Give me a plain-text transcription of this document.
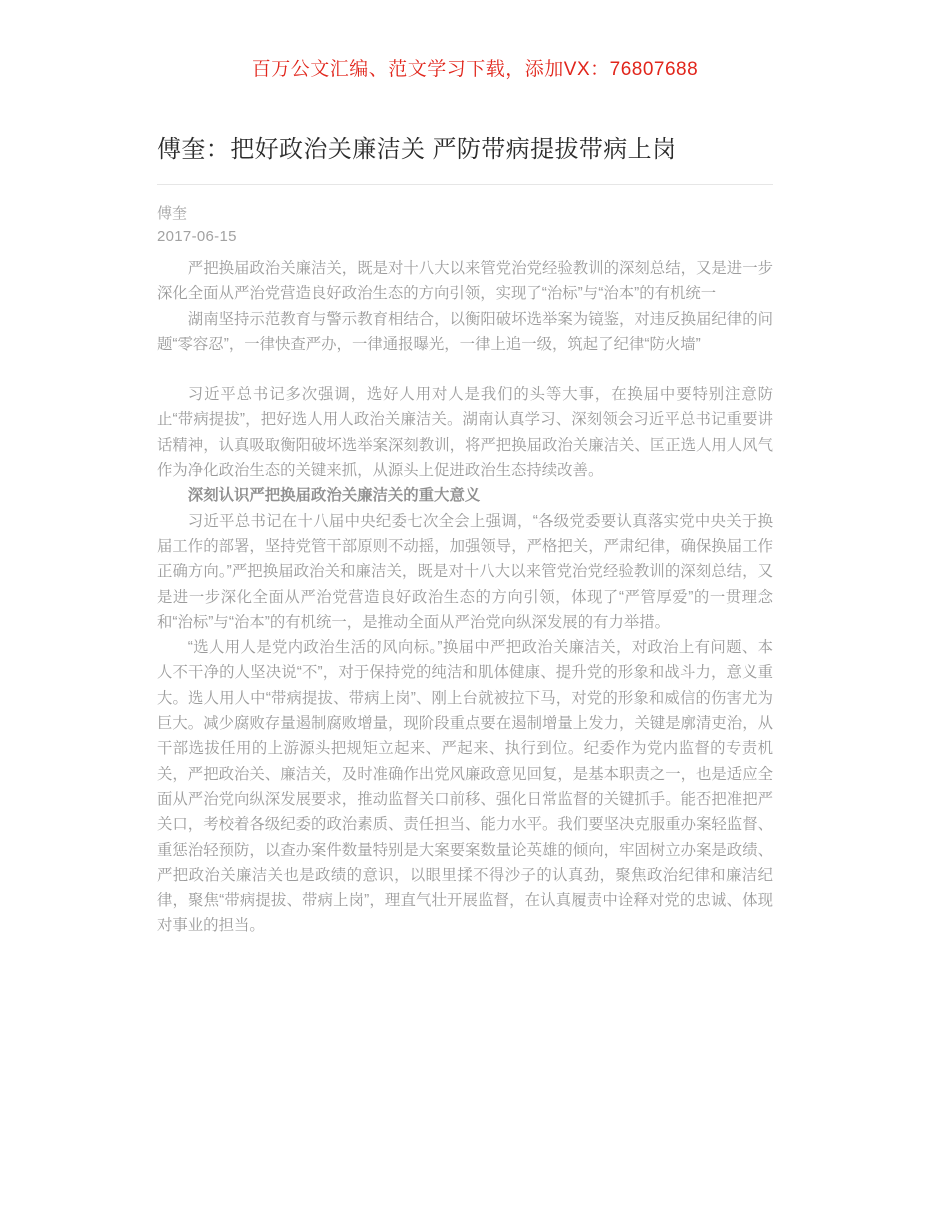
百万公文汇编、范文学习下载，添加VX：76807688
傅奎：把好政治关廉洁关 严防带病提拔带病上岗
傅奎
2017-06-15

严把换届政治关廉洁关，既是对十八大以来管党治党经验教训的深刻总结，又是进一步深化全面从严治党营造良好政治生态的方向引领，实现了“治标”与“治本”的有机统一

湖南坚持示范教育与警示教育相结合，以衡阳破坏选举案为镜鉴，对违反换届纪律的问题“零容忍”，一律快查严办，一律通报曝光，一律上追一级，筑起了纪律“防火墙”

习近平总书记多次强调，选好人用对人是我们的头等大事，在换届中要特别注意防止“带病提拔”，把好选人用人政治关廉洁关。湖南认真学习、深刻领会习近平总书记重要讲话精神，认真吸取衡阳破坏选举案深刻教训，将严把换届政治关廉洁关、匡正选人用人风气作为净化政治生态的关键来抓，从源头上促进政治生态持续改善。

深刻认识严把换届政治关廉洁关的重大意义

习近平总书记在十八届中央纪委七次全会上强调，“各级党委要认真落实党中央关于换届工作的部署，坚持党管干部原则不动摇，加强领导，严格把关，严肃纪律，确保换届工作正确方向。”严把换届政治关和廉洁关，既是对十八大以来管党治党经验教训的深刻总结，又是进一步深化全面从严治党营造良好政治生态的方向引领，体现了“严管厚爱”的一贯理念和“治标”与“治本”的有机统一，是推动全面从严治党向纵深发展的有力举措。

“选人用人是党内政治生活的风向标。”换届中严把政治关廉洁关，对政治上有问题、本人不干净的人坚决说“不”，对于保持党的纯洁和肌体健康、提升党的形象和战斗力，意义重大。选人用人中“带病提拔、带病上岗”、刚上台就被拉下马，对党的形象和威信的伤害尤为巨大。减少腐败存量遏制腐败增量，现阶段重点要在遏制增量上发力，关键是廓清吏治，从干部选拔任用的上游源头把规矩立起来、严起来、执行到位。纪委作为党内监督的专责机关，严把政治关、廉洁关，及时准确作出党风廉政意见回复，是基本职责之一，也是适应全面从严治党向纵深发展要求，推动监督关口前移、强化日常监督的关键抓手。能否把准把严关口，考校着各级纪委的政治素质、责任担当、能力水平。我们要坚决克服重办案轻监督、重惩治轻预防，以查办案件数量特别是大案要案数量论英雄的倾向，牢固树立办案是政绩、严把政治关廉洁关也是政绩的意识，以眼里揉不得沙子的认真劲，聚焦政治纪律和廉洁纪律，聚焦“带病提拔、带病上岗”，理直气壮开展监督，在认真履责中诠释对党的忠诚、体现对事业的担当。
